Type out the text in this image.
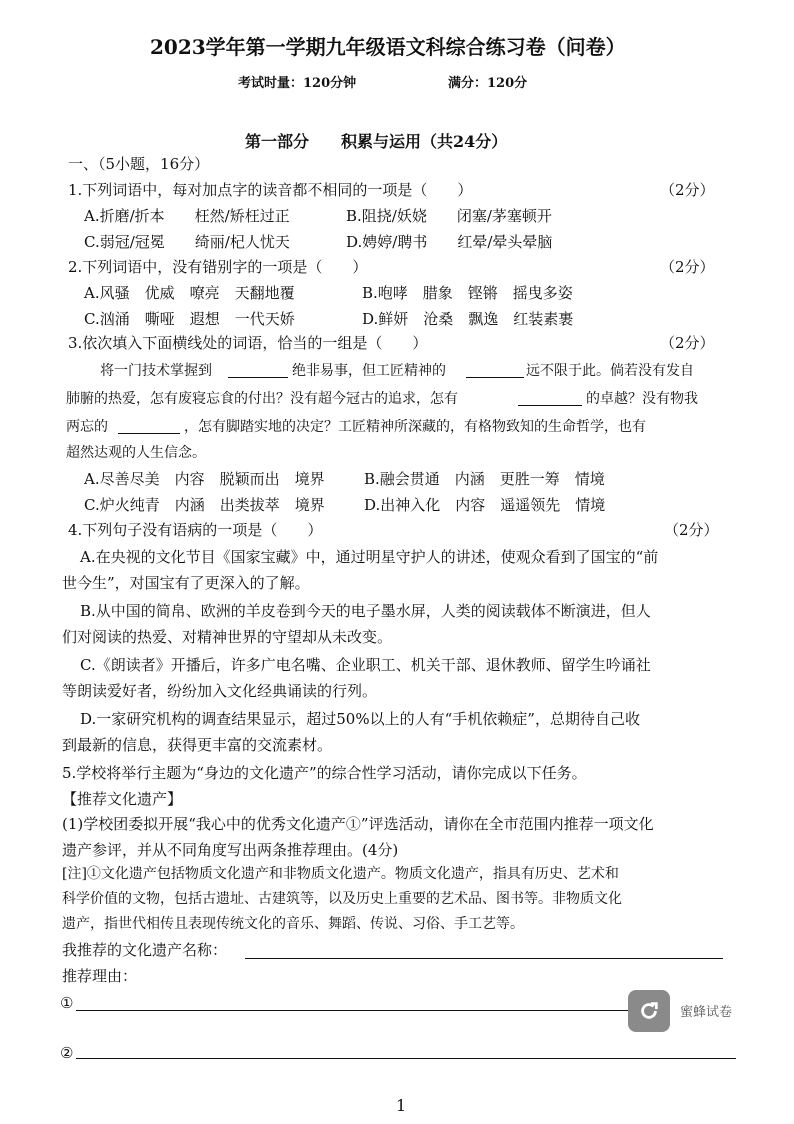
2023学年第一学期九年级语文科综合练习卷（问卷）
考试时量：120分钟	满分：120分
第一部分　　积累与运用（共24分）
一、（5小题，16分）
1.下列词语中，每对加点字的读音都不相同的一项是（　　）	（2分）
A.折磨/折本　　枉然/矫枉过正	B.阻挠/妖娆　　闭塞/茅塞顿开
C.弱冠/冠冕　　绮丽/杞人忧天	D.娉婷/聘书　　红晕/晕头晕脑
2.下列词语中，没有错别字的一项是（　　）	（2分）
A.风骚　优威　嘹亮　天翻地覆	B.咆哮　腊象　铿锵　摇曳多姿
C.汹涌　嘶哑　遐想　一代天娇	D.鲜妍　沧桑　飘逸　红装素裹
3.依次填入下面横线处的词语，恰当的一组是（　　）	（2分）
将一门技术掌握到	绝非易事，但工匠精神的	远不限于此。倘若没有发自
肺腑的热爱，怎有废寝忘食的付出？没有超今冠古的追求，怎有	的卓越？没有物我
两忘的	，怎有脚踏实地的决定？工匠精神所深藏的，有格物致知的生命哲学，也有
超然达观的人生信念。
A.尽善尽美　内容　脱颖而出　境界	B.融会贯通　内涵　更胜一筹　情境
C.炉火纯青　内涵　出类拔萃　境界	D.出神入化　内容　遥遥领先　情境
4.下列句子没有语病的一项是（　　）	（2分）
A.在央视的文化节目《国家宝藏》中，通过明星守护人的讲述，使观众看到了国宝的“前
世今生”，对国宝有了更深入的了解。
B.从中国的简帛、欧洲的羊皮卷到今天的电子墨水屏，人类的阅读载体不断演进，但人
们对阅读的热爱、对精神世界的守望却从未改变。
C.《朗读者》开播后，许多广电名嘴、企业职工、机关干部、退休教师、留学生吟诵社
等朗读爱好者，纷纷加入文化经典诵读的行列。
D.一家研究机构的调查结果显示，超过50%以上的人有“手机依赖症”，总期待自己收
到最新的信息，获得更丰富的交流素材。
5.学校将举行主题为“身边的文化遗产”的综合性学习活动，请你完成以下任务。
【推荐文化遗产】
(1)学校团委拟开展“我心中的优秀文化遗产①”评选活动，请你在全市范围内推荐一项文化
遗产参评，并从不同角度写出两条推荐理由。(4分)
[注]①文化遗产包括物质文化遗产和非物质文化遗产。物质文化遗产，指具有历史、艺术和
科学价值的文物，包括古遗址、古建筑等，以及历史上重要的艺术品、图书等。非物质文化
遗产，指世代相传且表现传统文化的音乐、舞蹈、传说、习俗、手工艺等。
我推荐的文化遗产名称：
推荐理由：
①
②
蜜蜂试卷
1
